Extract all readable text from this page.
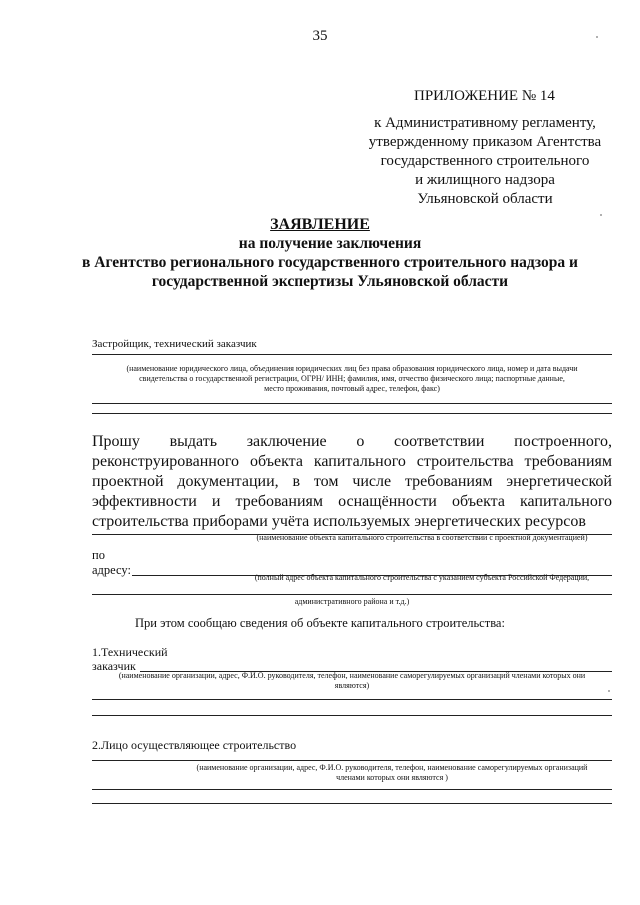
35
ПРИЛОЖЕНИЕ № 14
к Административному регламенту,
утвержденному приказом Агентства
государственного строительного
и жилищного надзора
Ульяновской области
ЗАЯВЛЕНИЕ
на получение заключения
в Агентство регионального государственного строительного надзора и
государственной экспертизы Ульяновской области
Застройщик, технический заказчик
(наименование юридического лица, объединения юридических лиц без права образования юридического лица, номер и дата выдачи
свидетельства о государственной регистрации, ОГРН/ ИНН; фамилия, имя, отчество физического лица; паспортные данные,
место проживания, почтовый адрес, телефон, факс)
Прошу выдать заключение о соответствии построенного, реконструированного объекта капитального строительства требованиям проектной документации, в том числе требованиям энергетической эффективности и требованиям оснащённости объекта капитального строительства приборами учёта используемых энергетических ресурсов
(наименование объекта капитального строительства в соответствии с проектной документацией)
по
адресу:
(полный адрес объекта капитального строительства с указанием субъекта Российской Федерации,
административного района и т.д.)
При этом сообщаю сведения об объекте капитального строительства:
1.Технический
заказчик
(наименование организации, адрес, Ф.И.О. руководителя, телефон, наименование саморегулируемых организаций членами которых они
являются)
2.Лицо осуществляющее строительство
(наименование организации, адрес, Ф.И.О. руководителя, телефон, наименование саморегулируемых организаций
членами которых они являются )
